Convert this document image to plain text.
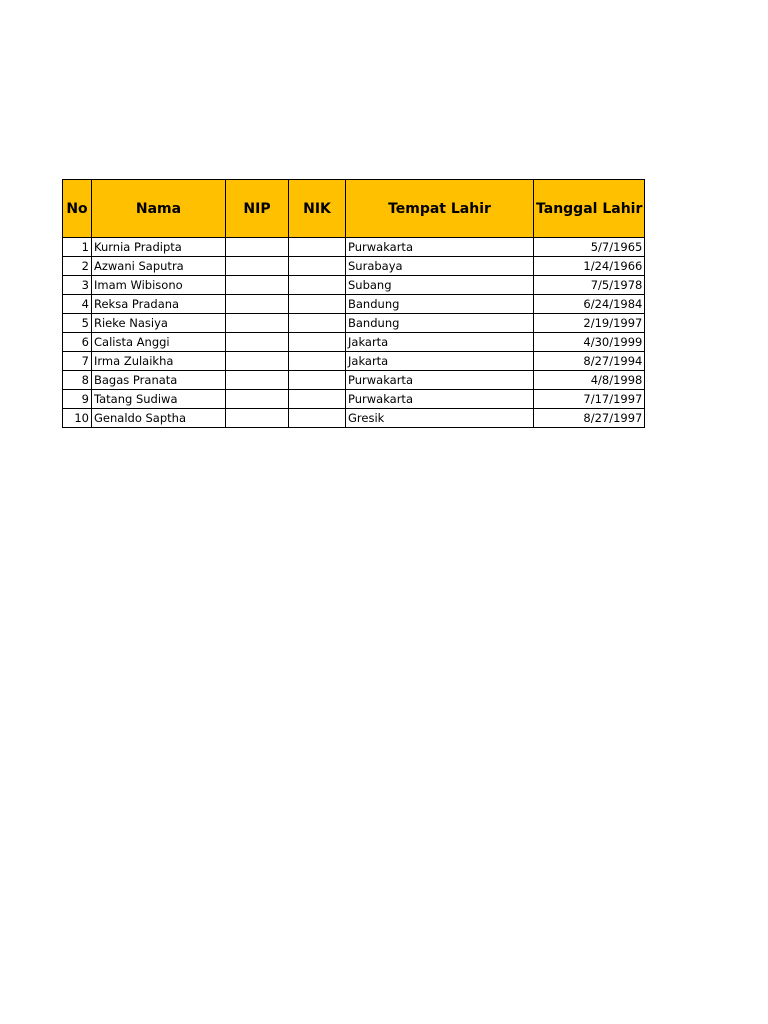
No	Nama	NIP	NIK	Tempat Lahir	Tanggal Lahir
1	Kurnia Pradipta			Purwakarta	5/7/1965
2	Azwani Saputra			Surabaya	1/24/1966
3	Imam Wibisono			Subang	7/5/1978
4	Reksa Pradana			Bandung	6/24/1984
5	Rieke Nasiya			Bandung	2/19/1997
6	Calista Anggi			Jakarta	4/30/1999
7	Irma Zulaikha			Jakarta	8/27/1994
8	Bagas Pranata			Purwakarta	4/8/1998
9	Tatang Sudiwa			Purwakarta	7/17/1997
10	Genaldo Saptha			Gresik	8/27/1997
